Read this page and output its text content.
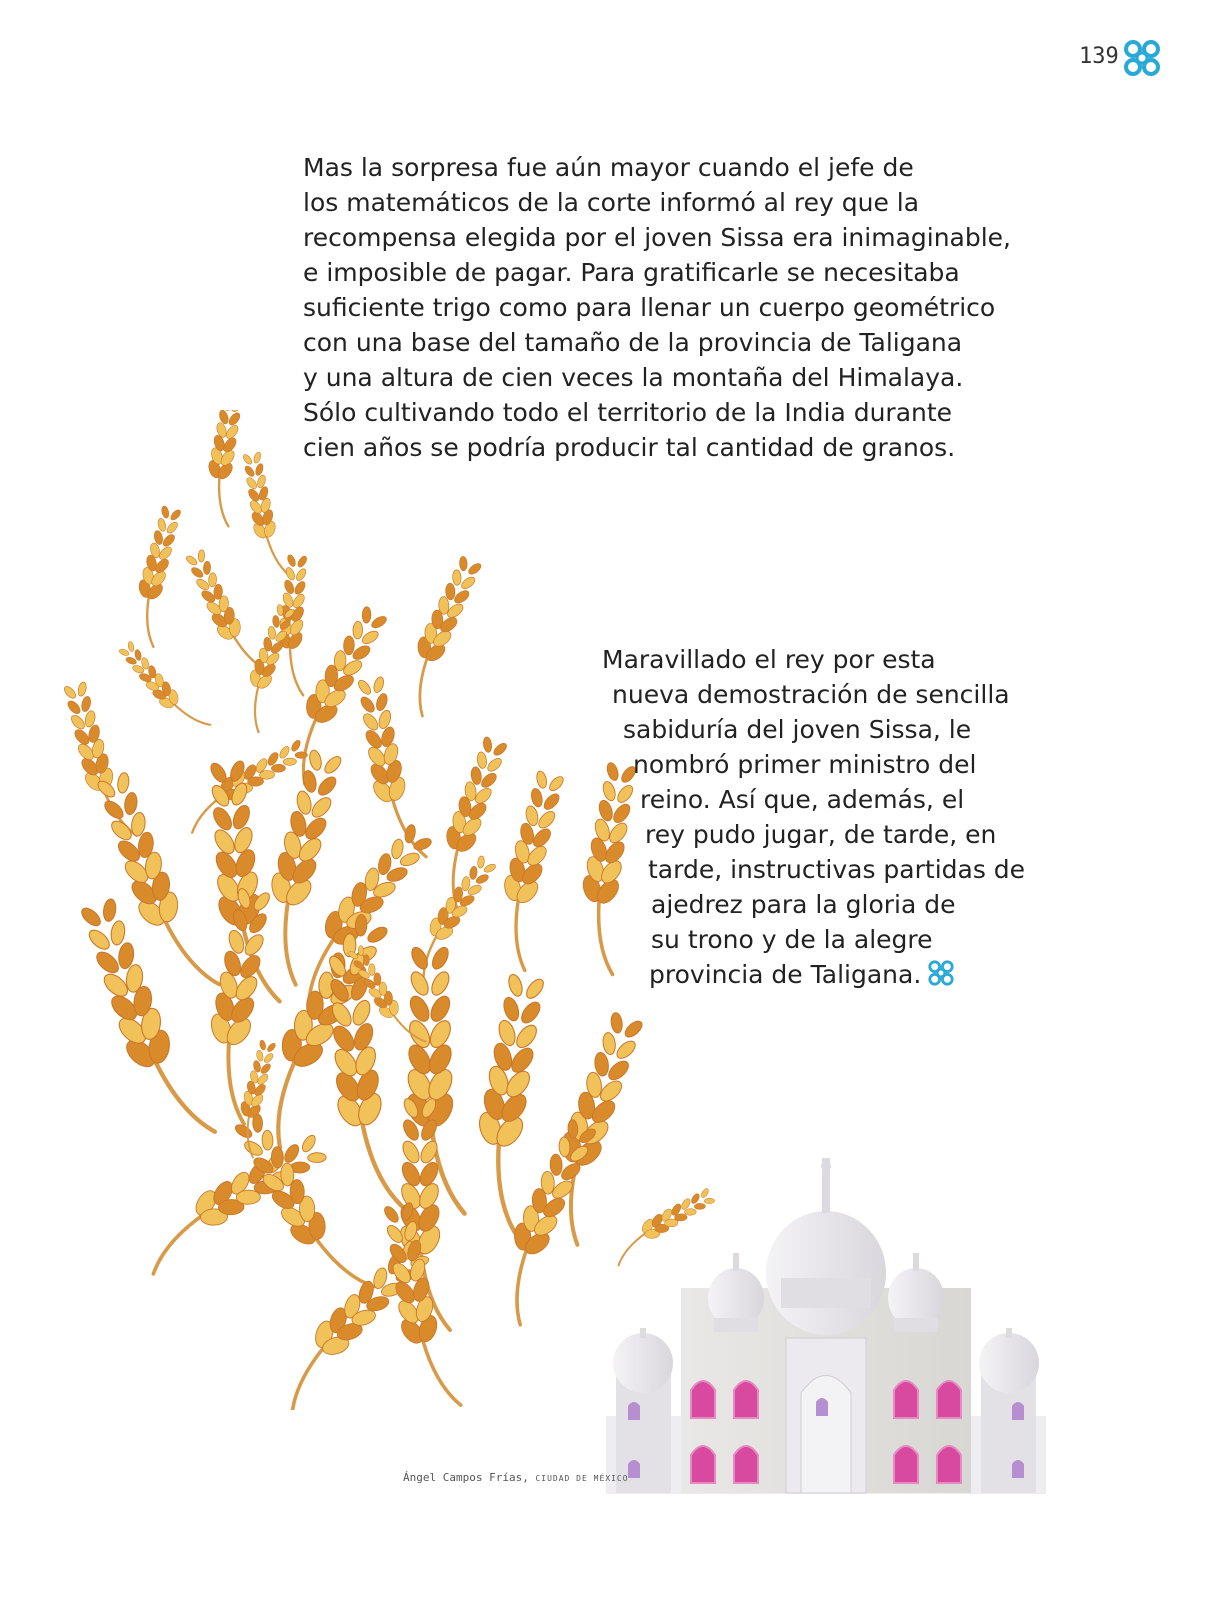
139

Mas la sorpresa fue aún mayor cuando el jefe de
los matemáticos de la corte informó al rey que la
recompensa elegida por el joven Sissa era inimaginable,
e imposible de pagar. Para gratificarle se necesitaba
suficiente trigo como para llenar un cuerpo geométrico
con una base del tamaño de la provincia de Taligana
y una altura de cien veces la montaña del Himalaya.
Sólo cultivando todo el territorio de la India durante
cien años se podría producir tal cantidad de granos.

Maravillado el rey por esta
nueva demostración de sencilla
sabiduría del joven Sissa, le
nombró primer ministro del
reino. Así que, además, el
rey pudo jugar, de tarde, en
tarde, instructivas partidas de
ajedrez para la gloria de
su trono y de la alegre
provincia de Taligana.
Ángel Campos Frías, CIUDAD DE MÉXICO
